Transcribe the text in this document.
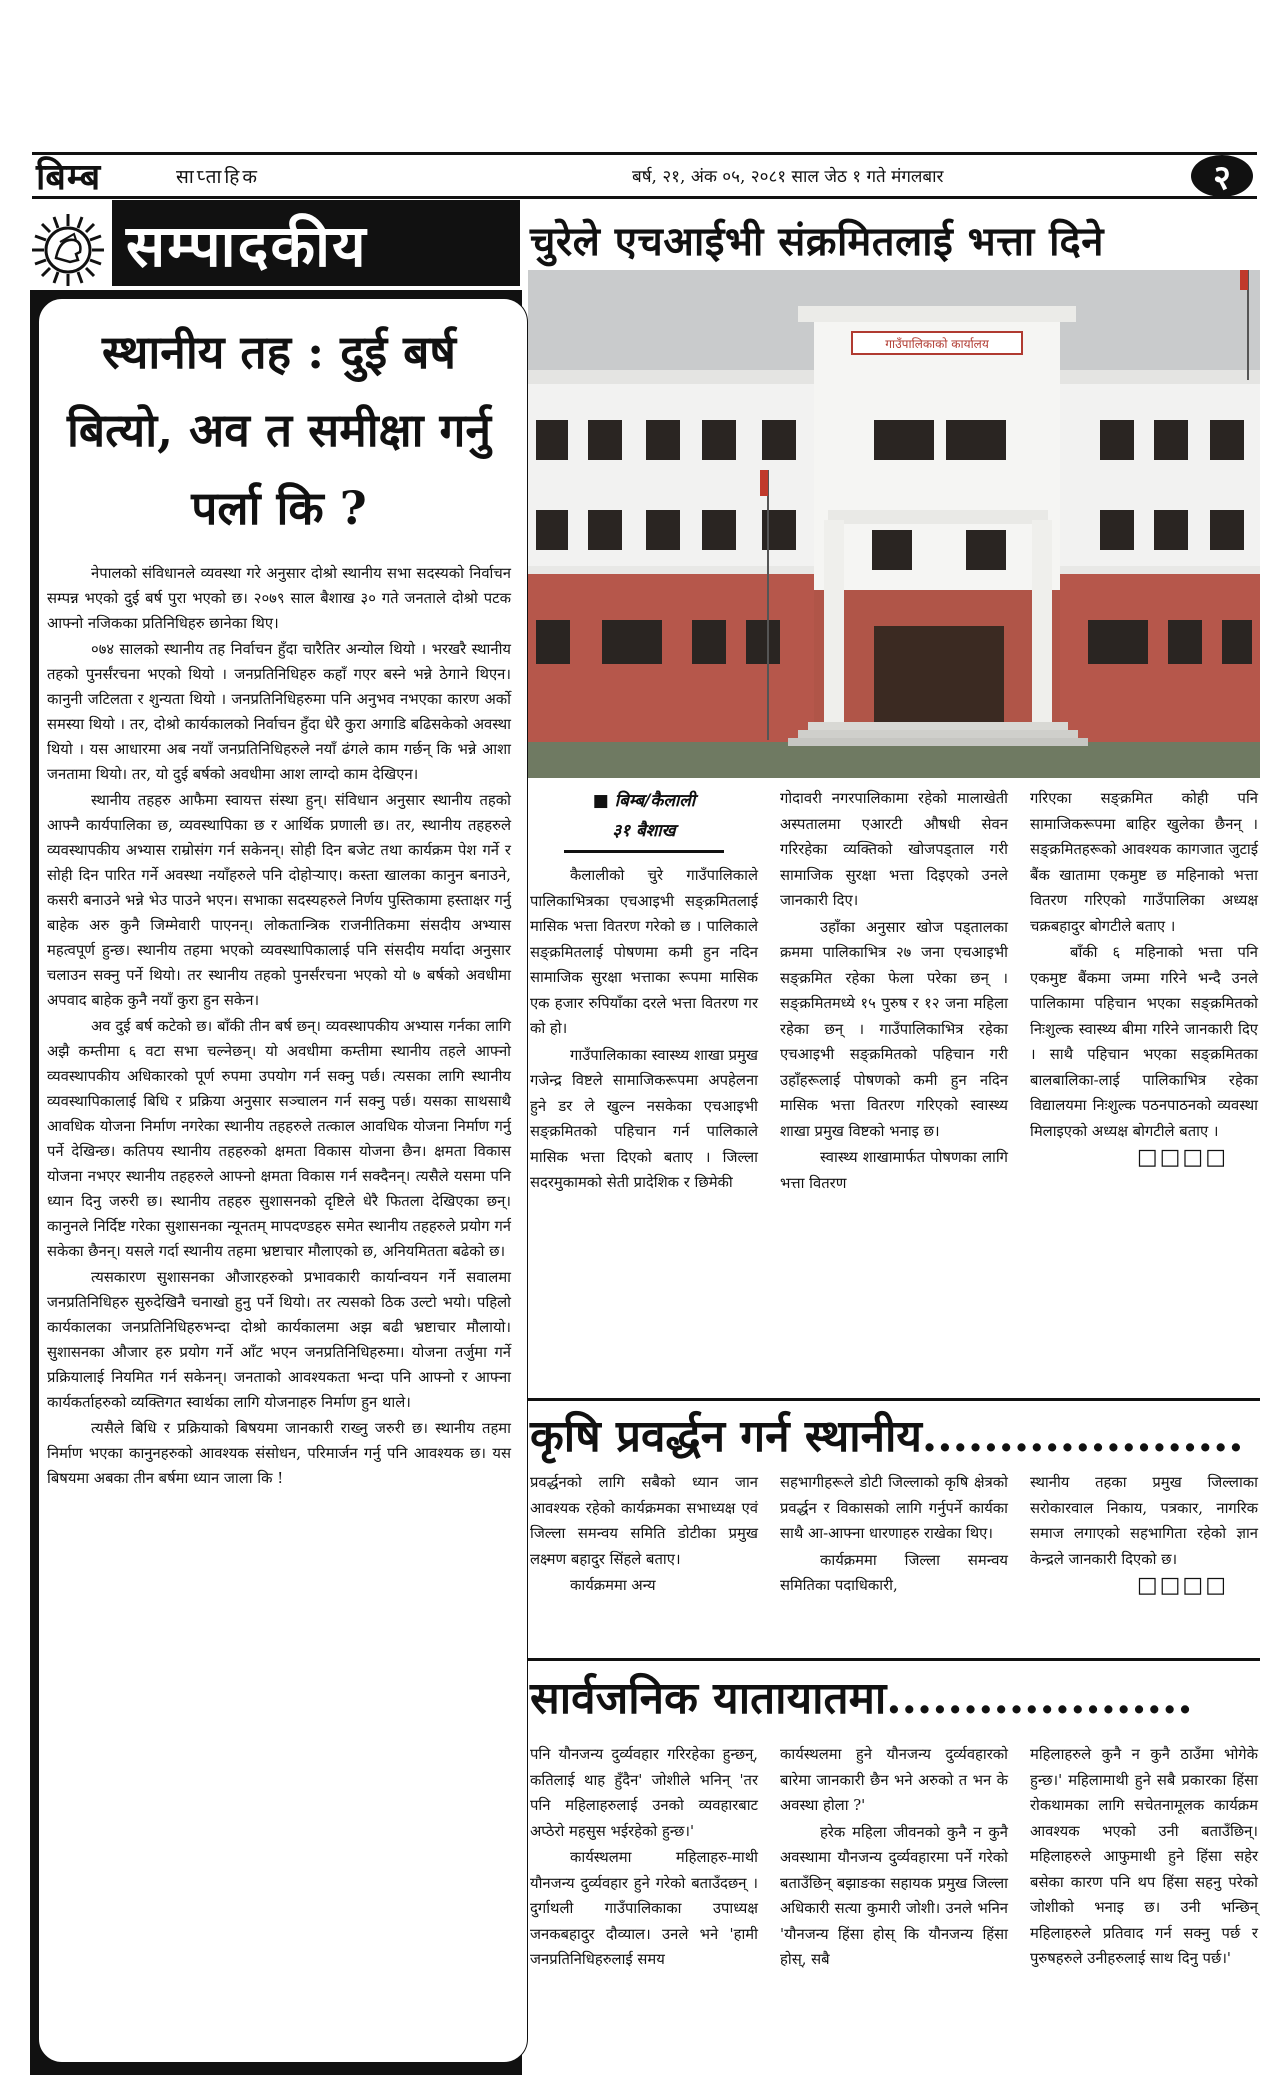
बिम्ब	साप्ताहिक	बर्ष, २१, अंक ०५, २०८१ साल जेठ १ गते मंगलबार	२
सम्पादकीय
स्थानीय तह : दुई बर्ष बित्यो, अव त समीक्षा गर्नु पर्ला कि ?

नेपालको संविधानले व्यवस्था गरे अनुसार दोश्रो स्थानीय सभा सदस्यको निर्वाचन सम्पन्न भएको दुई बर्ष पुरा भएको छ। २०७९ साल बैशाख ३० गते जनताले दोश्रो पटक आफ्नो नजिकका प्रतिनिधिहरु छानेका थिए।

०७४ सालको स्थानीय तह निर्वाचन हुँदा चारैतिर अन्योल थियो । भरखरै स्थानीय तहको पुनर्संरचना भएको थियो । जनप्रतिनिधिहरु कहाँ गएर बस्ने भन्ने ठेगाने थिएन। कानुनी जटिलता र शुन्यता थियो । जनप्रतिनिधिहरुमा पनि अनुभव नभएका कारण अर्को समस्या थियो । तर, दोश्रो कार्यकालको निर्वाचन हुँदा धेरै कुरा अगाडि बढिसकेको अवस्था थियो । यस आधारमा अब नयाँ जनप्रतिनिधिहरुले नयाँ ढंगले काम गर्छन् कि भन्ने आशा जनतामा थियो। तर, यो दुई बर्षको अवधीमा आश लाग्दो काम देखिएन।

स्थानीय तहहरु आफैमा स्वायत्त संस्था हुन्। संविधान अनुसार स्थानीय तहको आफ्नै कार्यपालिका छ, व्यवस्थापिका छ र आर्थिक प्रणाली छ। तर, स्थानीय तहहरुले व्यवस्थापकीय अभ्यास राम्रोसंग गर्न सकेनन्। सोही दिन बजेट तथा कार्यक्रम पेश गर्ने र सोही दिन पारित गर्ने अवस्था नयाँहरुले पनि दोहोऱ्याए। कस्ता खालका कानुन बनाउने, कसरी बनाउने भन्ने भेउ पाउने भएन। सभाका सदस्यहरुले निर्णय पुस्तिकामा हस्ताक्षर गर्नु बाहेक अरु कुनै जिम्मेवारी पाएनन्। लोकतान्त्रिक राजनीतिकमा संसदीय अभ्यास महत्वपूर्ण हुन्छ। स्थानीय तहमा भएको व्यवस्थापिकालाई पनि संसदीय मर्यादा अनुसार चलाउन सक्नु पर्ने थियो। तर स्थानीय तहको पुनर्संरचना भएको यो ७ बर्षको अवधीमा अपवाद बाहेक कुनै नयाँ कुरा हुन सकेन।

अव दुई बर्ष कटेको छ। बाँकी तीन बर्ष छन्। व्यवस्थापकीय अभ्यास गर्नका लागि अझै कम्तीमा ६ वटा सभा चल्नेछन्। यो अवधीमा कम्तीमा स्थानीय तहले आफ्नो व्यवस्थापकीय अधिकारको पूर्ण रुपमा उपयोग गर्न सक्नु पर्छ। त्यसका लागि स्थानीय व्यवस्थापिकालाई बिधि र प्रक्रिया अनुसार सञ्चालन गर्न सक्नु पर्छ। यसका साथसाथै आवधिक योजना निर्माण नगरेका स्थानीय तहहरुले तत्काल आवधिक योजना निर्माण गर्नु पर्ने देखिन्छ। कतिपय स्थानीय तहहरुको क्षमता विकास योजना छैन। क्षमता विकास योजना नभएर स्थानीय तहहरुले आफ्नो क्षमता विकास गर्न सक्दैनन्। त्यसैले यसमा पनि ध्यान दिनु जरुरी छ। स्थानीय तहहरु सुशासनको दृष्टिले धेरै फितला देखिएका छन्। कानुनले निर्दिष्ट गरेका सुशासनका न्यूनतम् मापदण्डहरु समेत स्थानीय तहहरुले प्रयोग गर्न सकेका छैनन्। यसले गर्दा स्थानीय तहमा भ्रष्टाचार मौलाएको छ, अनियमितता बढेको छ।

त्यसकारण सुशासनका औजारहरुको प्रभावकारी कार्यान्वयन गर्ने सवालमा जनप्रतिनिधिहरु सुरुदेखिनै चनाखो हुनु पर्ने थियो। तर त्यसको ठिक उल्टो भयो। पहिलो कार्यकालका जनप्रतिनिधिहरुभन्दा दोश्रो कार्यकालमा अझ बढी भ्रष्टाचार मौलायो। सुशासनका औजार हरु प्रयोग गर्ने आँट भएन जनप्रतिनिधिहरुमा। योजना तर्जुमा गर्ने प्रक्रियालाई नियमित गर्न सकेनन्। जनताको आवश्यकता भन्दा पनि आफ्नो र आफ्ना कार्यकर्ताहरुको व्यक्तिगत स्वार्थका लागि योजनाहरु निर्माण हुन थाले।

त्यसैले बिधि र प्रक्रियाको बिषयमा जानकारी राख्नु जरुरी छ। स्थानीय तहमा निर्माण भएका कानुनहरुको आवश्यक संसोधन, परिमार्जन गर्नु पनि आवश्यक छ। यस बिषयमा अबका तीन बर्षमा ध्यान जाला कि !

चुरेले एचआईभी संक्रमितलाई भत्ता दिने
गाउँपालिकाको कार्यालय
■ बिम्ब/कैलाली
३१ बैशाख

कैलालीको चुरे गाउँपालिकाले पालिकाभित्रका एचआइभी सङ्क्रमितलाई मासिक भत्ता वितरण गरेको छ । पालिकाले सङ्क्रमितलाई पोषणमा कमी हुन नदिन सामाजिक सुरक्षा भत्ताका रूपमा मासिक एक हजार रुपियाँका दरले भत्ता वितरण गर को हो।

गाउँपालिकाका स्वास्थ्य शाखा प्रमुख गजेन्द्र विष्टले सामाजिकरूपमा अपहेलना हुने डर ले खुल्न नसकेका एचआइभी सङ्क्रमितको पहिचान गर्न पालिकाले मासिक भत्ता दिएको बताए । जिल्ला सदरमुकामको सेती प्रादेशिक र छिमेकी

गोदावरी नगरपालिकामा रहेको मालाखेती अस्पतालमा एआरटी औषधी सेवन गरिरहेका व्यक्तिको खोजपड्ताल गरी सामाजिक सुरक्षा भत्ता दिइएको उनले जानकारी दिए।

उहाँका अनुसार खोज पड्तालका क्रममा पालिकाभित्र २७ जना एचआइभी सङ्क्रमित रहेका फेला परेका छन् । सङ्क्रमितमध्ये १५ पुरुष र १२ जना महिला रहेका छन् । गाउँपालिकाभित्र रहेका एचआइभी सङ्क्रमितको पहिचान गरी उहाँहरूलाई पोषणको कमी हुन नदिन मासिक भत्ता वितरण गरिएको स्वास्थ्य शाखा प्रमुख विष्टको भनाइ छ।

स्वास्थ्य शाखामार्फत पोषणका लागि भत्ता वितरण

गरिएका सङ्क्रमित कोही पनि सामाजिकरूपमा बाहिर खुलेका छैनन् । सङ्क्रमितहरूको आवश्यक कागजात जुटाई बैंक खातामा एकमुष्ट छ महिनाको भत्ता वितरण गरिएको गाउँपालिका अध्यक्ष चक्रबहादुर बोगटीले बताए ।

बाँकी ६ महिनाको भत्ता पनि एकमुष्ट बैंकमा जम्मा गरिने भन्दै उनले पालिकामा पहिचान भएका सङ्क्रमितको निःशुल्क स्वास्थ्य बीमा गरिने जानकारी दिए । साथै पहिचान भएका सङ्क्रमितका बालबालिका-लाई पालिकाभित्र रहेका विद्यालयमा निःशुल्क पठनपाठनको व्यवस्था मिलाइएको अध्यक्ष बोगटीले बताए ।

□□□□
कृषि प्रवर्द्धन गर्न स्थानीय.....................

प्रवर्द्धनको लागि सबैको ध्यान जान आवश्यक रहेको कार्यक्रमका सभाध्यक्ष एवं जिल्ला समन्वय समिति डोटीका प्रमुख लक्ष्मण बहादुर सिंहले बताए।

कार्यक्रममा अन्य

सहभागीहरूले डोटी जिल्लाको कृषि क्षेत्रको प्रवर्द्धन र विकासको लागि गर्नुपर्ने कार्यका साथै आ-आफ्ना धारणाहरु राखेका थिए।

कार्यक्रममा जिल्ला समन्वय समितिका पदाधिकारी,

स्थानीय तहका प्रमुख जिल्लाका सरोकारवाल निकाय, पत्रकार, नागरिक समाज लगाएको सहभागिता रहेको ज्ञान केन्द्रले जानकारी दिएको छ।

□□□□
सार्वजनिक यातायातमा....................

पनि यौनजन्य दुर्व्यवहार गरिरहेका हुन्छन्, कतिलाई थाह हुँदैन' जोशीले भनिन् 'तर पनि महिलाहरुलाई उनको व्यवहारबाट अप्ठेरो महसुस भईरहेको हुन्छ।'

कार्यस्थलमा महिलाहरु-माथी यौनजन्य दुर्व्यवहार हुने गरेको बताउँदछन् । दुर्गाथली गाउँपालिकाका उपाध्यक्ष जनकबहादुर दौव्याल। उनले भने 'हामी जनप्रतिनिधिहरुलाई समय

कार्यस्थलमा हुने यौनजन्य दुर्व्यवहारको बारेमा जानकारी छैन भने अरुको त भन के अवस्था होला ?'

हरेक महिला जीवनको कुनै न कुनै अवस्थामा यौनजन्य दुर्व्यवहारमा पर्ने गरेको बताउँछिन् बझाङका सहायक प्रमुख जिल्ला अधिकारी सत्या कुमारी जोशी। उनले भनिन 'यौनजन्य हिंसा होस् कि यौनजन्य हिंसा होस्, सबै

महिलाहरुले कुनै न कुनै ठाउँमा भोगेके हुन्छ।' महिलामाथी हुने सबै प्रकारका हिंसा रोकथामका लागि सचेतनामूलक कार्यक्रम आवश्यक भएको उनी बताउँछिन्। महिलाहरुले आफुमाथी हुने हिंसा सहेर बसेका कारण पनि थप हिंसा सहनु परेको जोशीको भनाइ छ। उनी भन्छिन् महिलाहरुले प्रतिवाद गर्न सक्नु पर्छ र पुरुषहरुले उनीहरुलाई साथ दिनु पर्छ।'
